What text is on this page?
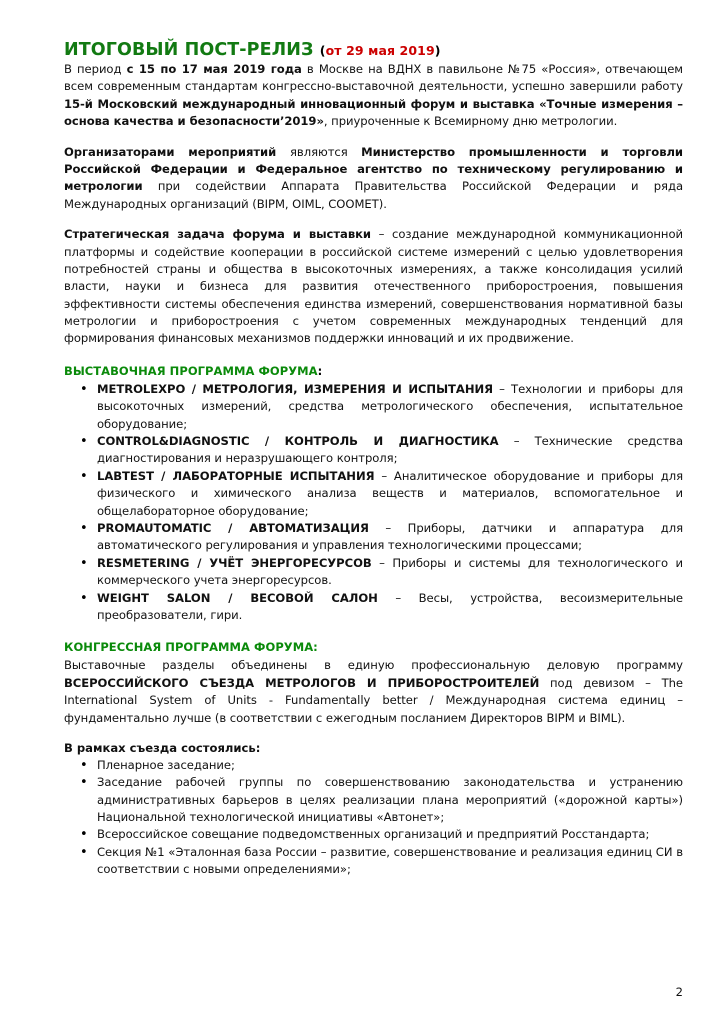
ИТОГОВЫЙ ПОСТ-РЕЛИЗ (от 29 мая 2019)

В период с 15 по 17 мая 2019 года в Москве на ВДНХ в павильоне №75 «Россия», отвечающем всем современным стандартам конгрессно-выставочной деятельности, успешно завершили работу 15-й Московский международный инновационный форум и выставка «Точные измерения – основа качества и безопасности’2019», приуроченные к Всемирному дню метрологии.

Организаторами мероприятий являются Министерство промышленности и торговли Российской Федерации и Федеральное агентство по техническому регулированию и метрологии при содействии Аппарата Правительства Российской Федерации и ряда Международных организаций (BIPM, OIML, COOMET).

Стратегическая задача форума и выставки – создание международной коммуникационной платформы и содействие кооперации в российской системе измерений с целью удовлетворения потребностей страны и общества в высокоточных измерениях, а также консолидация усилий власти, науки и бизнеса для развития отечественного приборостроения, повышения эффективности системы обеспечения единства измерений, совершенствования нормативной базы метрологии и приборостроения с учетом современных международных тенденций для формирования финансовых механизмов поддержки инноваций и их продвижение.

ВЫСТАВОЧНАЯ ПРОГРАММА ФОРУМА:
• METROLEXPO / МЕТРОЛОГИЯ, ИЗМЕРЕНИЯ И ИСПЫТАНИЯ – Технологии и приборы для высокоточных измерений, средства метрологического обеспечения, испытательное оборудование;
• CONTROL&DIAGNOSTIC / КОНТРОЛЬ И ДИАГНОСТИКА – Технические средства диагностирования и неразрушающего контроля;
• LABTEST / ЛАБОРАТОРНЫЕ ИСПЫТАНИЯ – Аналитическое оборудование и приборы для физического и химического анализа веществ и материалов, вспомогательное и общелабораторное оборудование;
• PROMAUTOMATIC / АВТОМАТИЗАЦИЯ – Приборы, датчики и аппаратура для автоматического регулирования и управления технологическими процессами;
• RESMETERING / УЧЁТ ЭНЕРГОРЕСУРСОВ – Приборы и системы для технологического и коммерческого учета энергоресурсов.
• WEIGHT SALON / ВЕСОВОЙ САЛОН – Весы, устройства, весоизмерительные преобразователи, гири.
КОНГРЕССНАЯ ПРОГРАММА ФОРУМА:

Выставочные разделы объединены в единую профессиональную деловую программу ВСЕРОССИЙСКОГО СЪЕЗДА МЕТРОЛОГОВ И ПРИБОРОСТРОИТЕЛЕЙ под девизом – The International System of Units - Fundamentally better / Международная система единиц – фундаментально лучше (в соответствии с ежегодным посланием Директоров BIPM и BIML).

В рамках съезда состоялись:
• Пленарное заседание;
• Заседание рабочей группы по совершенствованию законодательства и устранению административных барьеров в целях реализации плана мероприятий («дорожной карты») Национальной технологической инициативы «Автонет»;
• Всероссийское совещание подведомственных организаций и предприятий Росстандарта;
• Секция №1 «Эталонная база России – развитие, совершенствование и реализация единиц СИ в соответствии с новыми определениями»;
2
